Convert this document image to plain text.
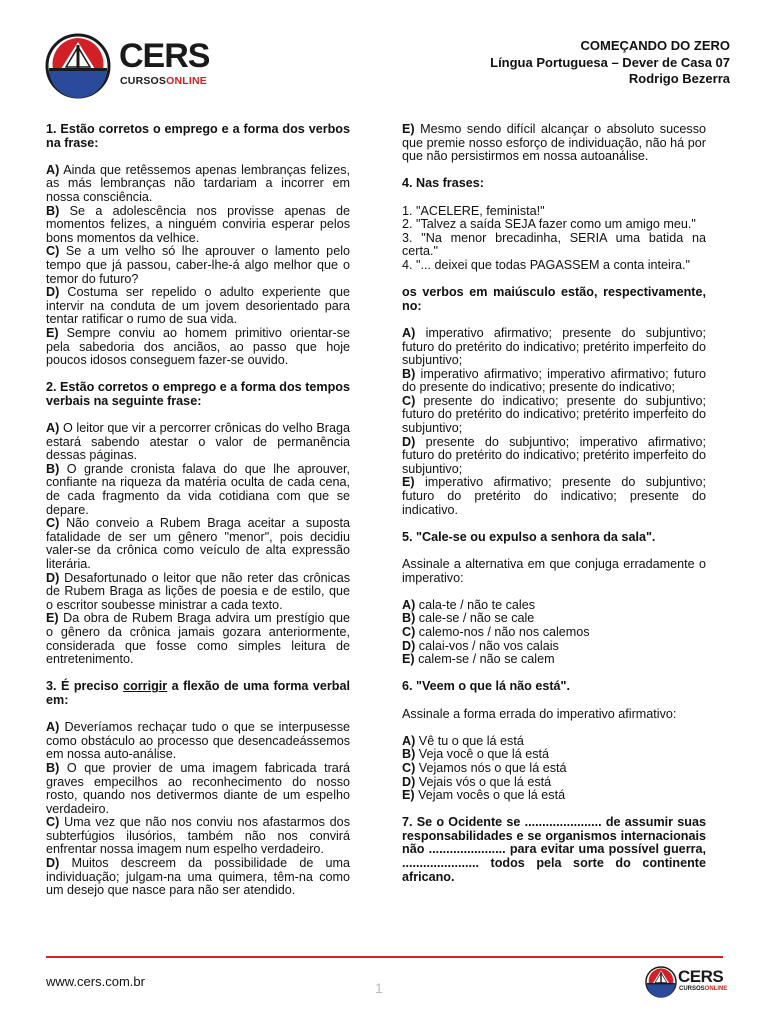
CERS
CURSOSONLINE
COMEÇANDO DO ZERO
Língua Portuguesa – Dever de Casa 07
Rodrigo Bezerra

1. Estão corretos o emprego e a forma dos verbos na frase:

A) Ainda que retêssemos apenas lembranças felizes, as más lembranças não tardariam a incorrer em nossa consciência.

B) Se a adolescência nos provisse apenas de momentos felizes, a ninguém conviria esperar pelos bons momentos da velhice.

C) Se a um velho só lhe aprouver o lamento pelo tempo que já passou, caber-lhe-á algo melhor que o temor do futuro?

D) Costuma ser repelido o adulto experiente que intervir na conduta de um jovem desorientado para tentar ratificar o rumo de sua vida.

E) Sempre conviu ao homem primitivo orientar-se pela sabedoria dos anciãos, ao passo que hoje poucos idosos conseguem fazer-se ouvido.

2. Estão corretos o emprego e a forma dos tempos verbais na seguinte frase:

A) O leitor que vir a percorrer crônicas do velho Braga estará sabendo atestar o valor de permanência dessas páginas.

B) O grande cronista falava do que lhe aprouver, confiante na riqueza da matéria oculta de cada cena, de cada fragmento da vida cotidiana com que se depare.

C) Não conveio a Rubem Braga aceitar a suposta fatalidade de ser um gênero "menor", pois decidiu valer-se da crônica como veículo de alta expressão literária.

D) Desafortunado o leitor que não reter das crônicas de Rubem Braga as lições de poesia e de estilo, que o escritor soubesse ministrar a cada texto.

E) Da obra de Rubem Braga advira um prestígio que o gênero da crônica jamais gozara anteriormente, considerada que fosse como simples leitura de entretenimento.

3. É preciso corrigir a flexão de uma forma verbal em:

A) Deveríamos rechaçar tudo o que se interpusesse como obstáculo ao processo que desencadeássemos em nossa auto-análise.

B) O que provier de uma imagem fabricada trará graves empecilhos ao reconhecimento do nosso rosto, quando nos detivermos diante de um espelho verdadeiro.

C) Uma vez que não nos conviu nos afastarmos dos subterfúgios ilusórios, também não nos convirá enfrentar nossa imagem num espelho verdadeiro.

D) Muitos descreem da possibilidade de uma individuação; julgam-na uma quimera, têm-na como um desejo que nasce para não ser atendido.

E) Mesmo sendo difícil alcançar o absoluto sucesso que premie nosso esforço de individuação, não há por que não persistirmos em nossa autoanálise.

4. Nas frases:

1. "ACELERE, feminista!"

2. "Talvez a saída SEJA fazer como um amigo meu."

3. "Na menor brecadinha, SERIA uma batida na certa."

4. "... deixei que todas PAGASSEM a conta inteira."

os verbos em maiúsculo estão, respectivamente, no:

A) imperativo afirmativo; presente do subjuntivo; futuro do pretérito do indicativo; pretérito imperfeito do subjuntivo;

B) imperativo afirmativo; imperativo afirmativo; futuro do presente do indicativo; presente do indicativo;

C) presente do indicativo; presente do subjuntivo; futuro do pretérito do indicativo; pretérito imperfeito do subjuntivo;

D) presente do subjuntivo; imperativo afirmativo; futuro do pretérito do indicativo; pretérito imperfeito do subjuntivo;

E) imperativo afirmativo; presente do subjuntivo; futuro do pretérito do indicativo; presente do indicativo.

5. "Cale-se ou expulso a senhora da sala".

Assinale a alternativa em que conjuga erradamente o imperativo:

A) cala-te / não te cales

B) cale-se / não se cale

C) calemo-nos / não nos calemos

D) calai-vos / não vos calais

E) calem-se / não se calem

6. "Veem o que lá não está".

Assinale a forma errada do imperativo afirmativo:

A) Vê tu o que lá está

B) Veja você o que lá está

C) Vejamos nós o que lá está

D) Vejais vós o que lá está

E) Vejam vocês o que lá está

7. Se o Ocidente se ...................... de assumir suas responsabilidades e se organismos internacionais não ...................... para evitar uma possível guerra, ...................... todos pela sorte do continente africano.

www.cers.com.br	1
CERS
CURSOSONLINE
